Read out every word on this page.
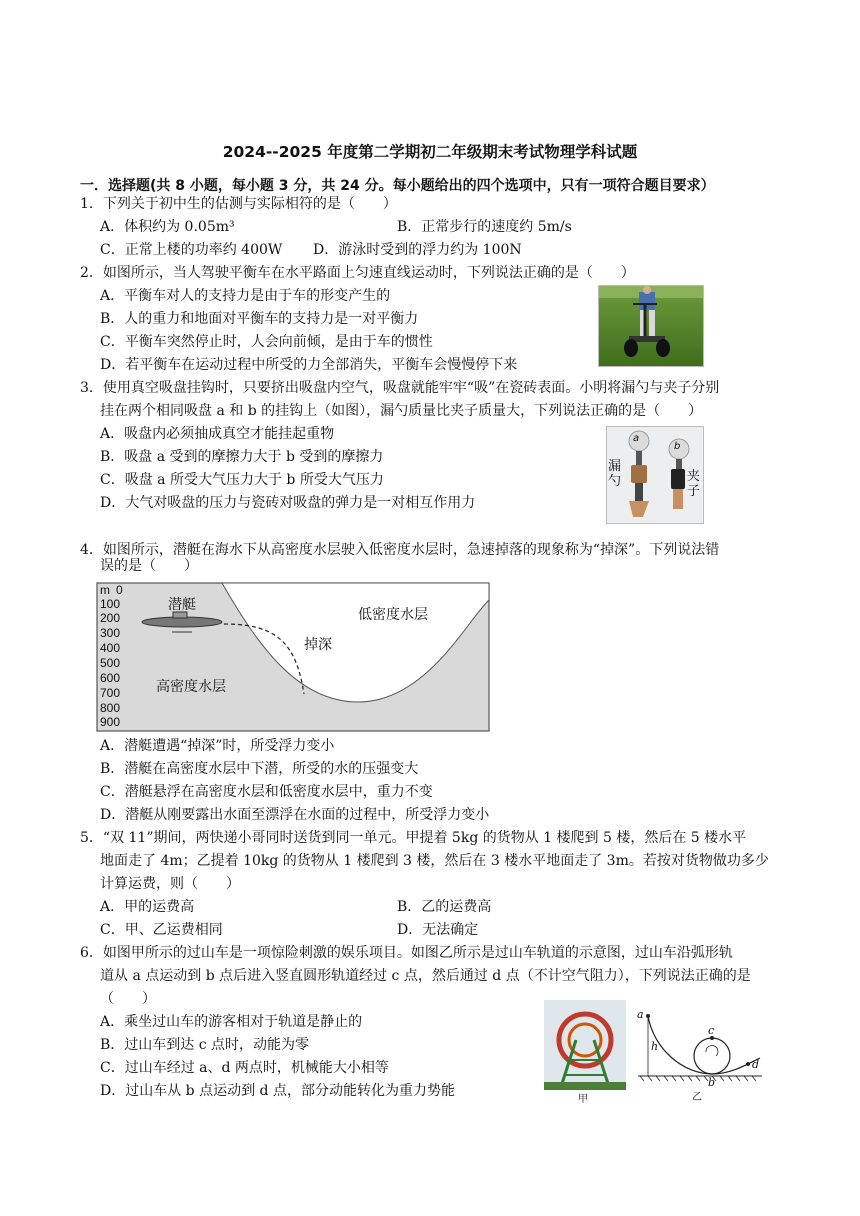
2024--2025 年度第二学期初二年级期末考试物理学科试题
一．选择题(共 8 小题，每小题 3 分，共 24 分。每小题给出的四个选项中，只有一项符合题目要求）
1．下列关于初中生的估测与实际相符的是（　　）
A．体积约为 0.05m³	B．正常步行的速度约 5m/s
C．正常上楼的功率约 400W D．游泳时受到的浮力约为 100N
2．如图所示，当人驾驶平衡车在水平路面上匀速直线运动时，下列说法正确的是（　　）
A．平衡车对人的支持力是由于车的形变产生的
B．人的重力和地面对平衡车的支持力是一对平衡力
C．平衡车突然停止时，人会向前倾，是由于车的惯性
D．若平衡车在运动过程中所受的力全部消失，平衡车会慢慢停下来
3．使用真空吸盘挂钩时，只要挤出吸盘内空气，吸盘就能牢牢“吸”在瓷砖表面。小明将漏勺与夹子分别
挂在两个相同吸盘 a 和 b 的挂钩上（如图），漏勺质量比夹子质量大，下列说法正确的是（　　）
A．吸盘内必须抽成真空才能挂起重物
B．吸盘 a 受到的摩擦力大于 b 受到的摩擦力
C．吸盘 a 所受大气压力大于 b 所受大气压力
D．大气对吸盘的压力与瓷砖对吸盘的弹力是一对相互作用力
a
b
漏勺	夹子
4．如图所示，潜艇在海水下从高密度水层驶入低密度水层时，急速掉落的现象称为“掉深”。下列说法错
误的是（　　）
m 0
100
200
300
400
500
600
700
800
900
潜艇
低密度水层
掉深
高密度水层
A．潜艇遭遇“掉深”时，所受浮力变小
B．潜艇在高密度水层中下潜，所受的水的压强变大
C．潜艇悬浮在高密度水层和低密度水层中，重力不变
D．潜艇从刚要露出水面至漂浮在水面的过程中，所受浮力变小
5．“双 11”期间，两快递小哥同时送货到同一单元。甲提着 5kg 的货物从 1 楼爬到 5 楼，然后在 5 楼水平
地面走了 4m；乙提着 10kg 的货物从 1 楼爬到 3 楼，然后在 3 楼水平地面走了 3m。若按对货物做功多少
计算运费，则（　　）
A．甲的运费高	B．乙的运费高
C．甲、乙运费相同	D．无法确定
6．如图甲所示的过山车是一项惊险刺激的娱乐项目。如图乙所示是过山车轨道的示意图，过山车沿弧形轨
道从 a 点运动到 b 点后进入竖直圆形轨道经过 c 点，然后通过 d 点（不计空气阻力），下列说法正确的是
（　　）
A．乘坐过山车的游客相对于轨道是静止的
B．过山车到达 c 点时，动能为零
C．过山车经过 a、d 两点时，机械能大小相等
D．过山车从 b 点运动到 d 点，部分动能转化为重力势能
甲
a
h
c
b
d
乙
